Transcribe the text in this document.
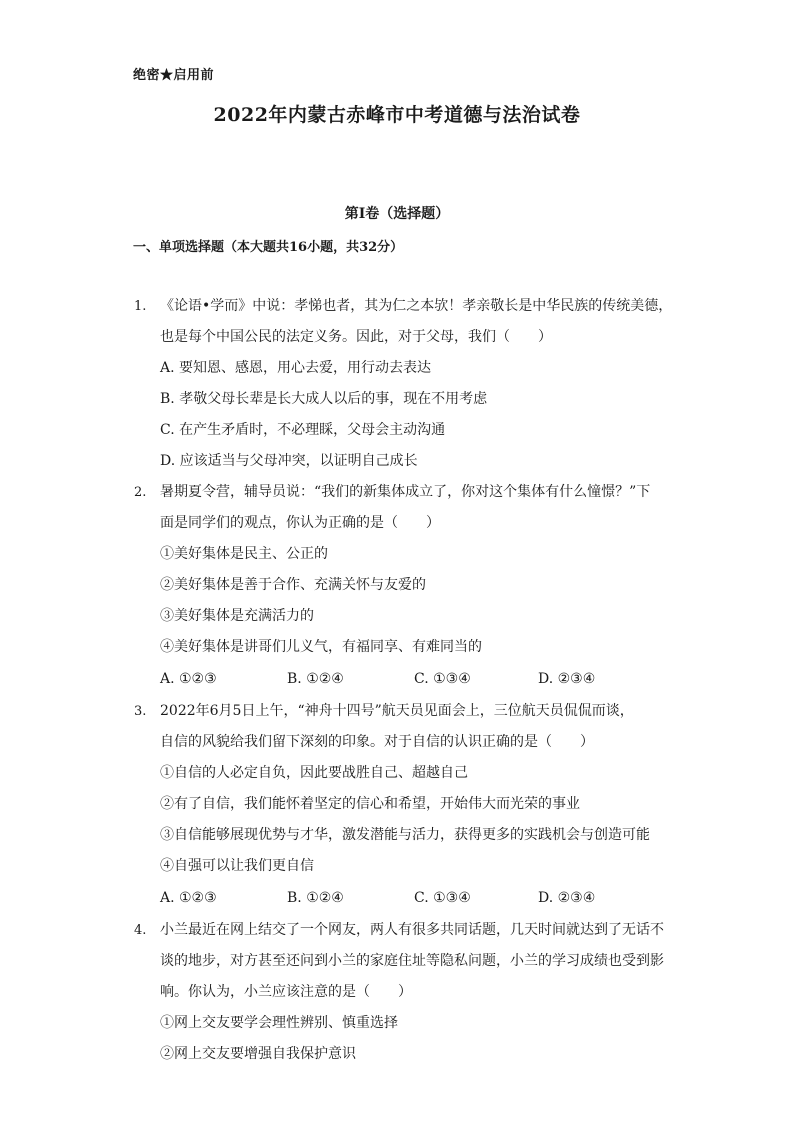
绝密★启用前
2022年内蒙古赤峰市中考道德与法治试卷
第I卷（选择题）
一、单项选择题（本大题共16小题，共32分）
1. 《论语•学而》中说：孝悌也者，其为仁之本欤！孝亲敬长是中华民族的传统美德，
也是每个中国公民的法定义务。因此，对于父母，我们（　　）
A. 要知恩、感恩，用心去爱，用行动去表达
B. 孝敬父母长辈是长大成人以后的事，现在不用考虑
C. 在产生矛盾时，不必理睬，父母会主动沟通
D. 应该适当与父母冲突，以证明自己成长
2. 暑期夏令营，辅导员说：“我们的新集体成立了，你对这个集体有什么憧憬？”下
面是同学们的观点，你认为正确的是（　　）
①美好集体是民主、公正的
②美好集体是善于合作、充满关怀与友爱的
③美好集体是充满活力的
④美好集体是讲哥们儿义气，有福同享、有难同当的
A. ①②③	B. ①②④	C. ①③④	D. ②③④
3. 2022年6月5日上午，“神舟十四号”航天员见面会上，三位航天员侃侃而谈，
自信的风貌给我们留下深刻的印象。对于自信的认识正确的是（　　）
①自信的人必定自负，因此要战胜自己、超越自己
②有了自信，我们能怀着坚定的信心和希望，开始伟大而光荣的事业
③自信能够展现优势与才华，激发潜能与活力，获得更多的实践机会与创造可能
④自强可以让我们更自信
A. ①②③	B. ①②④	C. ①③④	D. ②③④
4. 小兰最近在网上结交了一个网友，两人有很多共同话题，几天时间就达到了无话不
谈的地步，对方甚至还问到小兰的家庭住址等隐私问题，小兰的学习成绩也受到影
响。你认为，小兰应该注意的是（　　）
①网上交友要学会理性辨别、慎重选择
②网上交友要增强自我保护意识
